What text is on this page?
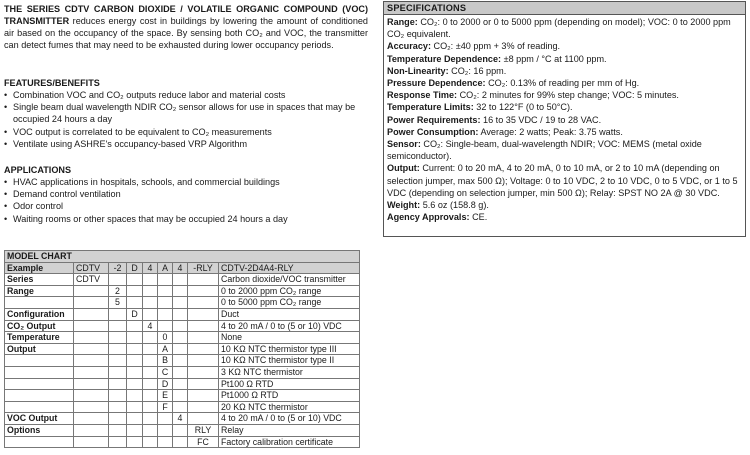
THE SERIES CDTV CARBON DIOXIDE / VOLATILE ORGANIC COMPOUND (VOC) TRANSMITTER reduces energy cost in buildings by lowering the amount of conditioned air based on the occupancy of the space. By sensing both CO₂ and VOC, the transmitter can detect fumes that may need to be exhausted during lower occupancy periods.
FEATURES/BENEFITS
• Combination VOC and CO₂ outputs reduce labor and material costs
• Single beam dual wavelength NDIR CO₂ sensor allows for use in spaces that may be occupied 24 hours a day
• VOC output is correlated to be equivalent to CO₂ measurements
• Ventilate using ASHRE's occupancy-based VRP Algorithm
APPLICATIONS
• HVAC applications in hospitals, schools, and commercial buildings
• Demand control ventilation
• Odor control
• Waiting rooms or other spaces that may be occupied 24 hours a day
SPECIFICATIONS

Range: CO₂: 0 to 2000 or 0 to 5000 ppm (depending on model); VOC: 0 to 2000 ppm CO₂ equivalent.

Accuracy: CO₂: ±40 ppm + 3% of reading.

Temperature Dependence: ±8 ppm / °C at 1100 ppm.

Non-Linearity: CO₂: 16 ppm.

Pressure Dependence: CO₂: 0.13% of reading per mm of Hg.

Response Time: CO₂: 2 minutes for 99% step change; VOC: 5 minutes.

Temperature Limits: 32 to 122°F (0 to 50°C).

Power Requirements: 16 to 35 VDC / 19 to 28 VAC.

Power Consumption: Average: 2 watts; Peak: 3.75 watts.

Sensor: CO₂: Single-beam, dual-wavelength NDIR; VOC: MEMS (metal oxide semiconductor).

Output: Current: 0 to 20 mA, 4 to 20 mA, 0 to 10 mA, or 2 to 10 mA (depending on selection jumper, max 500 Ω); Voltage: 0 to 10 VDC, 2 to 10 VDC, 0 to 5 VDC, or 1 to 5 VDC (depending on selection jumper, min 500 Ω); Relay: SPST NO 2A @ 30 VDC.

Weight: 5.6 oz (158.8 g).

Agency Approvals: CE.

MODEL CHART								
Example	CDTV	-2	D	4	A	4	-RLY	CDTV-2D4A4-RLY
Series	CDTV							Carbon dioxide/VOC transmitter
Range		2						0 to 2000 ppm CO₂ range
		5						0 to 5000 ppm CO₂ range
Configuration			D					Duct
CO₂ Output				4				4 to 20 mA / 0 to (5 or 10) VDC
Temperature					0			None
Output					A			10 KΩ NTC thermistor type III
					B			10 KΩ NTC thermistor type II
					C			3 KΩ NTC thermistor
					D			Pt100 Ω RTD
					E			Pt1000 Ω RTD
					F			20 KΩ NTC thermistor
VOC Output						4		4 to 20 mA / 0 to (5 or 10) VDC
Options							RLY	Relay
							FC	Factory calibration certificate
